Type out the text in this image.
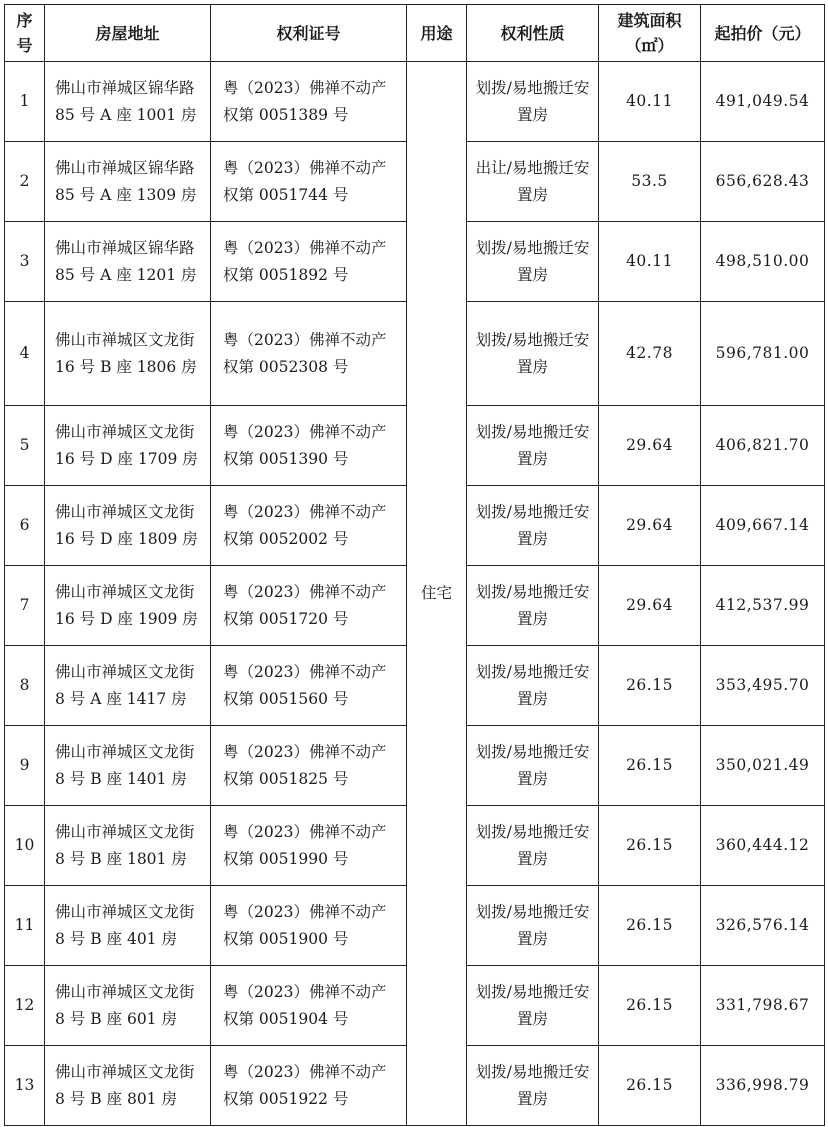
序号	房屋地址	权利证号	用途	权利性质	建筑面积（㎡）	起拍价（元）
1	佛山市禅城区锦华路 85 号 A 座 1001 房	粤（2023）佛禅不动产权第 0051389 号	住宅	划拨/易地搬迁安置房	40.11	491,049.54
2	佛山市禅城区锦华路 85 号 A 座 1309 房	粤（2023）佛禅不动产权第 0051744 号		出让/易地搬迁安置房	53.5	656,628.43
3	佛山市禅城区锦华路 85 号 A 座 1201 房	粤（2023）佛禅不动产权第 0051892 号		划拨/易地搬迁安置房	40.11	498,510.00
4	佛山市禅城区文龙街 16 号 B 座 1806 房	粤（2023）佛禅不动产权第 0052308 号		划拨/易地搬迁安置房	42.78	596,781.00
5	佛山市禅城区文龙街 16 号 D 座 1709 房	粤（2023）佛禅不动产权第 0051390 号		划拨/易地搬迁安置房	29.64	406,821.70
6	佛山市禅城区文龙街 16 号 D 座 1809 房	粤（2023）佛禅不动产权第 0052002 号		划拨/易地搬迁安置房	29.64	409,667.14
7	佛山市禅城区文龙街 16 号 D 座 1909 房	粤（2023）佛禅不动产权第 0051720 号		划拨/易地搬迁安置房	29.64	412,537.99
8	佛山市禅城区文龙街 8 号 A 座 1417 房	粤（2023）佛禅不动产权第 0051560 号		划拨/易地搬迁安置房	26.15	353,495.70
9	佛山市禅城区文龙街 8 号 B 座 1401 房	粤（2023）佛禅不动产权第 0051825 号		划拨/易地搬迁安置房	26.15	350,021.49
10	佛山市禅城区文龙街 8 号 B 座 1801 房	粤（2023）佛禅不动产权第 0051990 号		划拨/易地搬迁安置房	26.15	360,444.12
11	佛山市禅城区文龙街 8 号 B 座 401 房	粤（2023）佛禅不动产权第 0051900 号		划拨/易地搬迁安置房	26.15	326,576.14
12	佛山市禅城区文龙街 8 号 B 座 601 房	粤（2023）佛禅不动产权第 0051904 号		划拨/易地搬迁安置房	26.15	331,798.67
13	佛山市禅城区文龙街 8 号 B 座 801 房	粤（2023）佛禅不动产权第 0051922 号		划拨/易地搬迁安置房	26.15	336,998.79
